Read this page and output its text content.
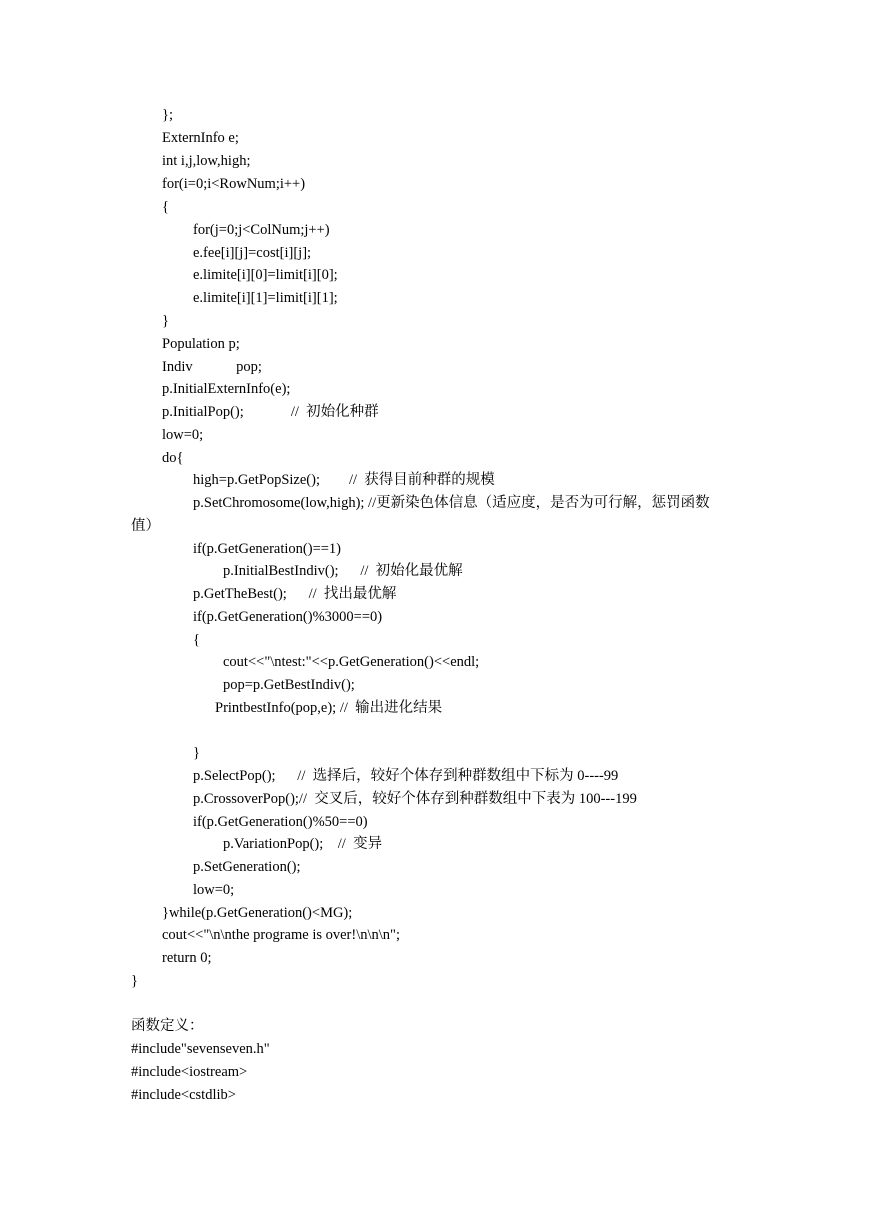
};
ExternInfo e;
int i,j,low,high;
for(i=0;i<RowNum;i++)
{
for(j=0;j<ColNum;j++)
e.fee[i][j]=cost[i][j];
e.limite[i][0]=limit[i][0];
e.limite[i][1]=limit[i][1];
}
Population p;
Indiv            pop;
p.InitialExternInfo(e);
p.InitialPop();             //  初始化种群
low=0;
do{
high=p.GetPopSize();        //  获得目前种群的规模
p.SetChromosome(low,high); //更新染色体信息（适应度，是否为可行解，惩罚函数
值）
if(p.GetGeneration()==1)
p.InitialBestIndiv();      //  初始化最优解
p.GetTheBest();      //  找出最优解
if(p.GetGeneration()%3000==0)
{
cout<<"\ntest:"<<p.GetGeneration()<<endl;
pop=p.GetBestIndiv();
PrintbestInfo(pop,e); //  输出进化结果
}
p.SelectPop();      //  选择后，较好个体存到种群数组中下标为 0----99
p.CrossoverPop();//  交叉后，较好个体存到种群数组中下表为 100---199
if(p.GetGeneration()%50==0)
p.VariationPop();    //  变异
p.SetGeneration();
low=0;
}while(p.GetGeneration()<MG);
cout<<"\n\nthe programe is over!\n\n\n";
return 0;
}
函数定义：
#include"sevenseven.h"
#include<iostream>
#include<cstdlib>
